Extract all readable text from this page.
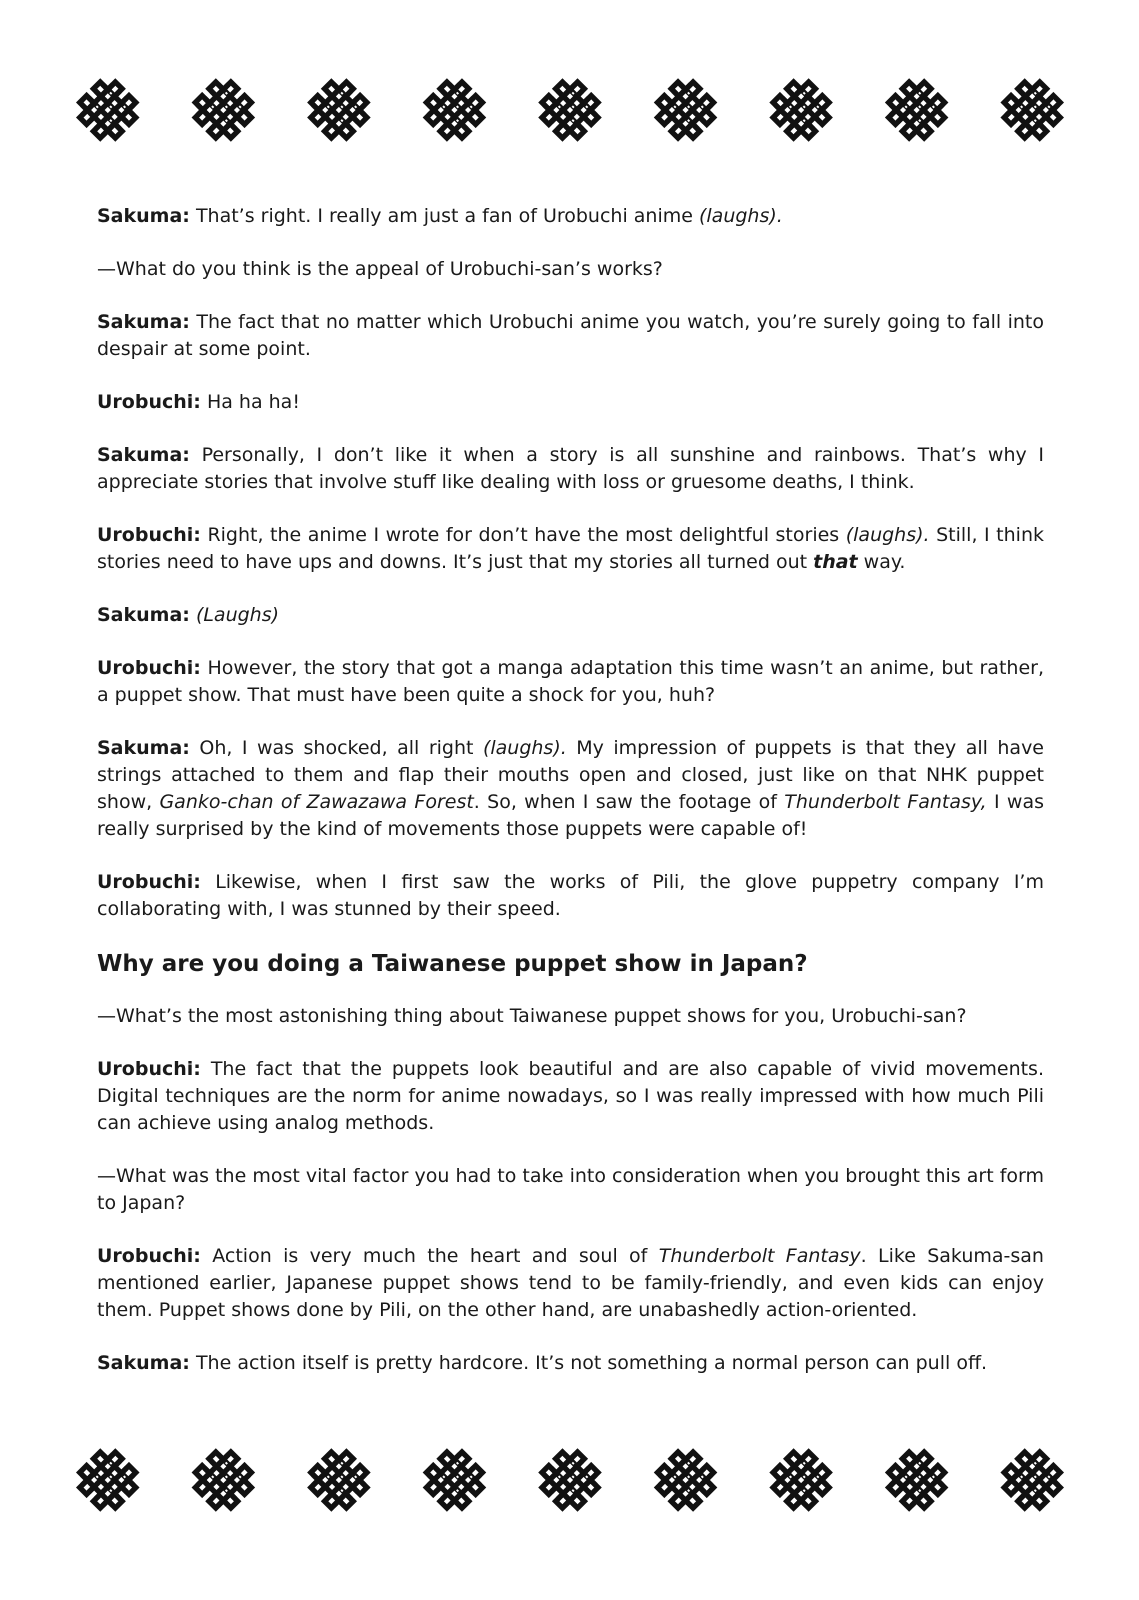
Sakuma: That’s right. I really am just a fan of Urobuchi anime (laughs).

—What do you think is the appeal of Urobuchi-san’s works?

Sakuma: The fact that no matter which Urobuchi anime you watch, you’re surely going to fall into despair at some point.

Urobuchi: Ha ha ha!

Sakuma: Personally, I don’t like it when a story is all sunshine and rainbows. That’s why I appreciate stories that involve stuff like dealing with loss or gruesome deaths, I think.

Urobuchi: Right, the anime I wrote for don’t have the most delightful stories (laughs). Still, I think stories need to have ups and downs. It’s just that my stories all turned out that way.

Sakuma: (Laughs)

Urobuchi: However, the story that got a manga adaptation this time wasn’t an anime, but rather, a puppet show. That must have been quite a shock for you, huh?

Sakuma: Oh, I was shocked, all right (laughs). My impression of puppets is that they all have strings attached to them and flap their mouths open and closed, just like on that NHK puppet show, Ganko-chan of Zawazawa Forest. So, when I saw the footage of Thunderbolt Fantasy, I was really surprised by the kind of movements those puppets were capable of!

Urobuchi: Likewise, when I first saw the works of Pili, the glove puppetry company I’m collaborating with, I was stunned by their speed.

Why are you doing a Taiwanese puppet show in Japan?

—What’s the most astonishing thing about Taiwanese puppet shows for you, Urobuchi-san?

Urobuchi: The fact that the puppets look beautiful and are also capable of vivid movements. Digital techniques are the norm for anime nowadays, so I was really impressed with how much Pili can achieve using analog methods.

—What was the most vital factor you had to take into consideration when you brought this art form to Japan?

Urobuchi: Action is very much the heart and soul of Thunderbolt Fantasy. Like Sakuma-san mentioned earlier, Japanese puppet shows tend to be family-friendly, and even kids can enjoy them. Puppet shows done by Pili, on the other hand, are unabashedly action-oriented.

Sakuma: The action itself is pretty hardcore. It’s not something a normal person can pull off.
